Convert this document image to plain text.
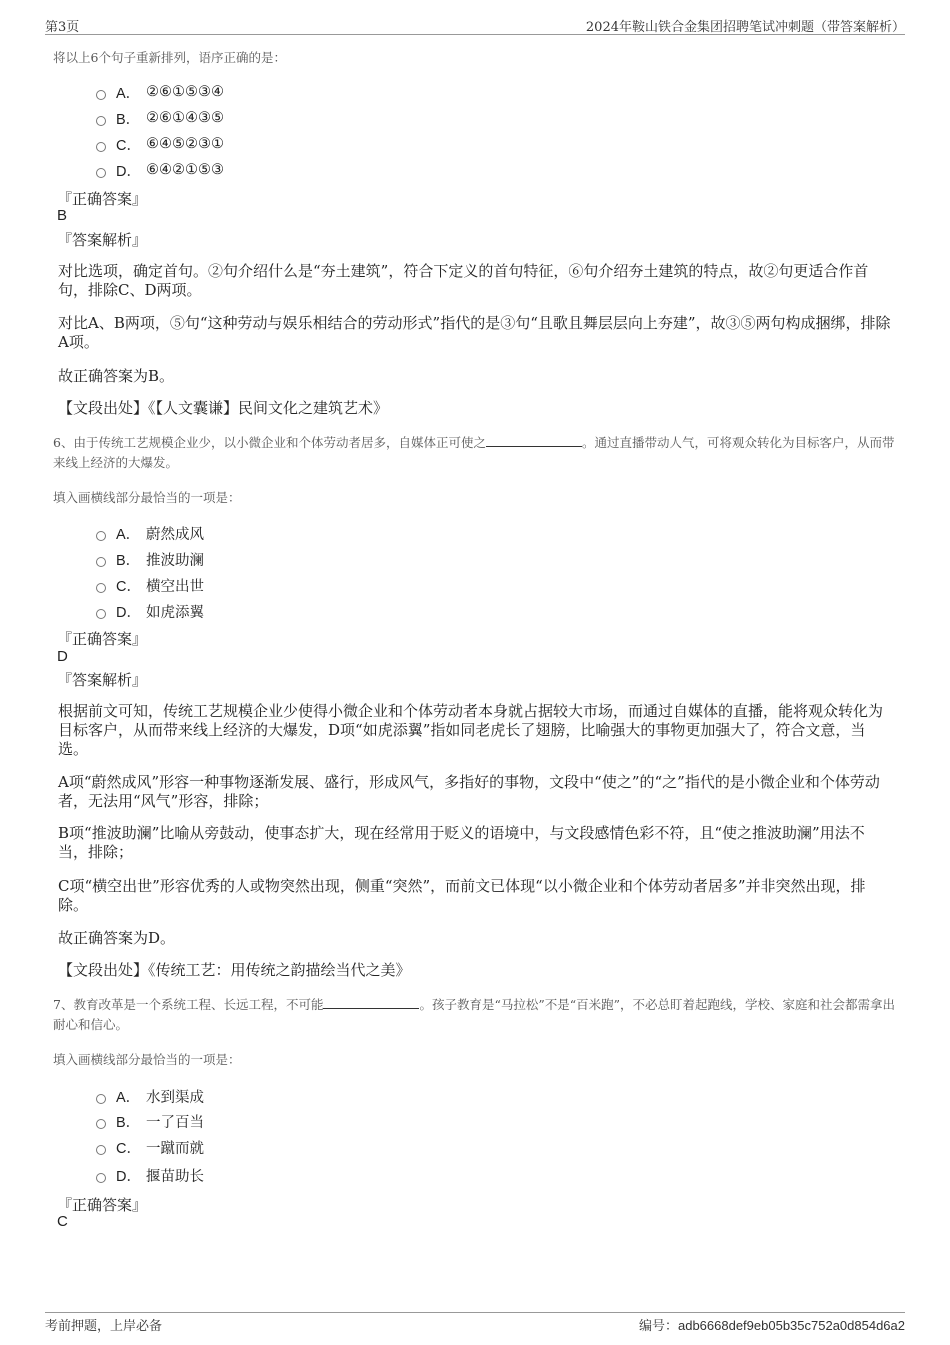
第3页	2024年鞍山铁合金集团招聘笔试冲刺题（带答案解析）
将以上6个句子重新排列，语序正确的是：
A． ②⑥①⑤③④
B． ②⑥①④③⑤
C． ⑥④⑤②③①
D． ⑥④②①⑤③
『正确答案』
B
『答案解析』
对比选项，确定首句。②句介绍什么是“夯土建筑”，符合下定义的首句特征，⑥句介绍夯土建筑的特点，故②句更适合作首句，排除C、D两项。
对比A、B两项，⑤句“这种劳动与娱乐相结合的劳动形式”指代的是③句“且歌且舞层层向上夯建”，故③⑤两句构成捆绑，排除A项。
故正确答案为B。
【文段出处】《【人文囊谦】民间文化之建筑艺术》
6、由于传统工艺规模企业少，以小微企业和个体劳动者居多，自媒体正可使之	。通过直播带动人气，可将观众转化为目标客户，从而带来线上经济的大爆发。
填入画横线部分最恰当的一项是：
A． 蔚然成风
B． 推波助澜
C． 横空出世
D． 如虎添翼
『正确答案』
D
『答案解析』
根据前文可知，传统工艺规模企业少使得小微企业和个体劳动者本身就占据较大市场，而通过自媒体的直播，能将观众转化为目标客户，从而带来线上经济的大爆发，D项“如虎添翼”指如同老虎长了翅膀，比喻强大的事物更加强大了，符合文意，当选。
A项“蔚然成风”形容一种事物逐渐发展、盛行，形成风气，多指好的事物，文段中“使之”的“之”指代的是小微企业和个体劳动者，无法用“风气”形容，排除；
B项“推波助澜”比喻从旁鼓动，使事态扩大，现在经常用于贬义的语境中，与文段感情色彩不符，且“使之推波助澜”用法不当，排除；
C项“横空出世”形容优秀的人或物突然出现，侧重“突然”，而前文已体现“以小微企业和个体劳动者居多”并非突然出现，排除。
故正确答案为D。
【文段出处】《传统工艺：用传统之韵描绘当代之美》
7、教育改革是一个系统工程、长远工程，不可能	。孩子教育是“马拉松”不是“百米跑”，不必总盯着起跑线，学校、家庭和社会都需拿出耐心和信心。
填入画横线部分最恰当的一项是：
A． 水到渠成
B． 一了百当
C． 一蹴而就
D． 揠苗助长
『正确答案』
C
考前押题，上岸必备	编号：adb6668def9eb05b35c752a0d854d6a2
